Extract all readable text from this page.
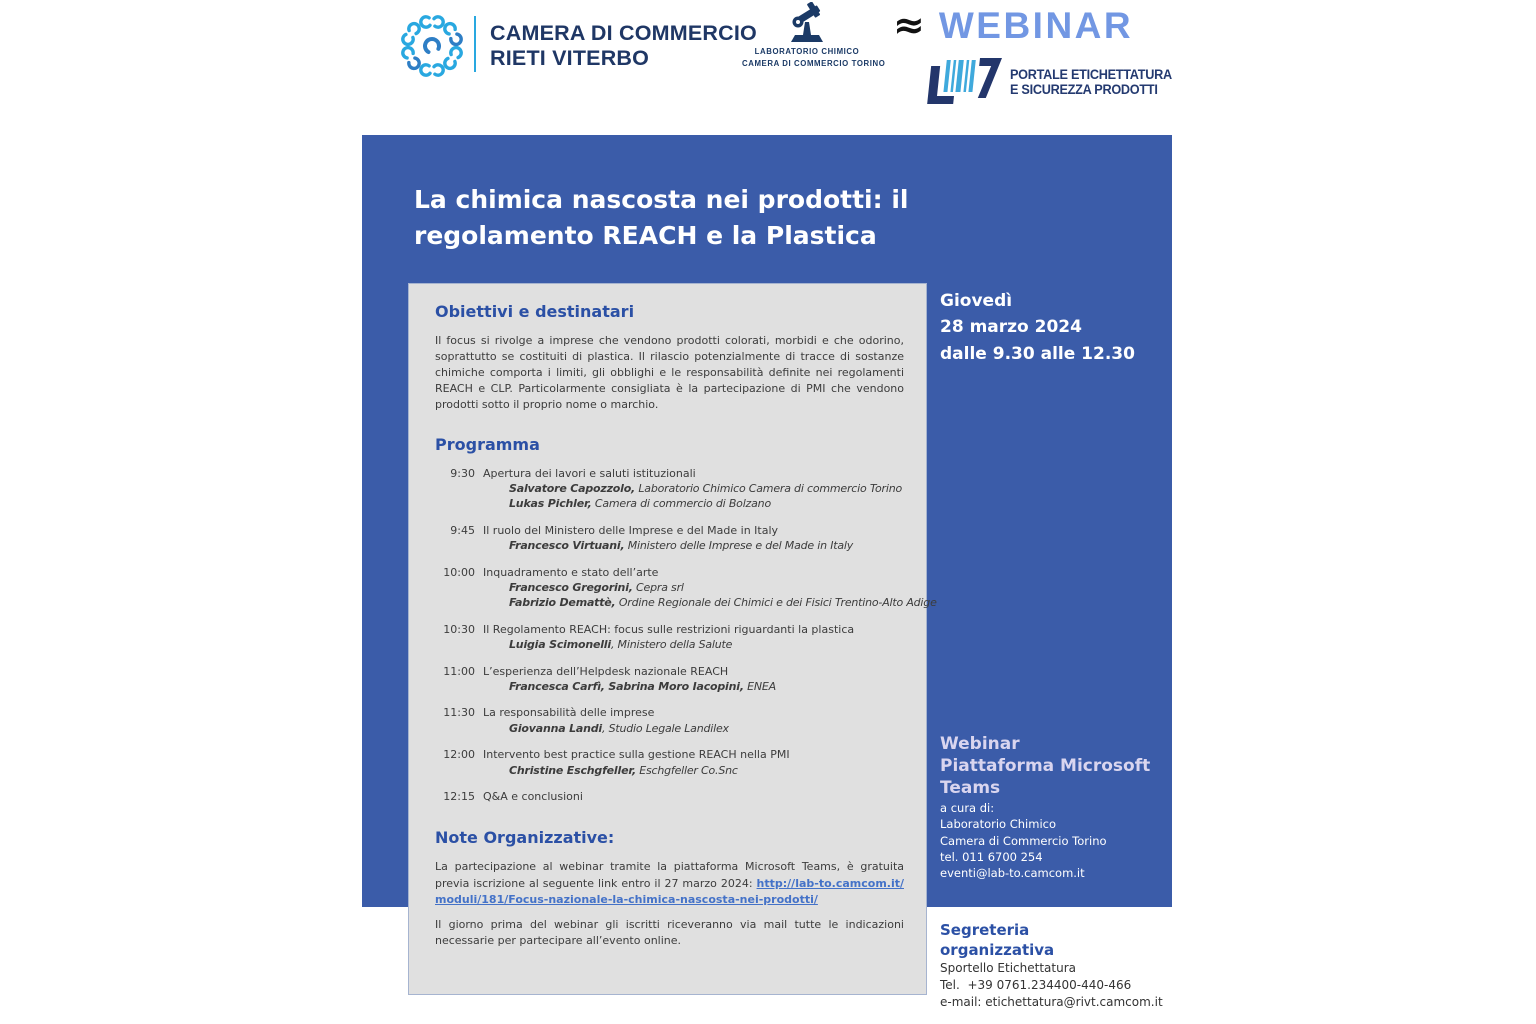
CAMERA DI COMMERCIO
RIETI VITERBO	LABORATORIO CHIMICO
CAMERA DI COMMERCIO TORINO
≈ WEBINAR
PORTALE ETICHETTATURA
E SICUREZZA PRODOTTI
La chimica nascosta nei prodotti: il
regolamento REACH e la Plastica
Giovedì
28 marzo 2024
dalle 9.30 alle 12.30
Webinar
Piattaforma Microsoft
Teams
a cura di:
Laboratorio Chimico
Camera di Commercio Torino
tel. 011 6700 254
eventi@lab-to.camcom.it
Obiettivi e destinatari

Il focus si rivolge a imprese che vendono prodotti colorati, morbidi e che odorino, soprattutto se costituiti di plastica. Il rilascio potenzialmente di tracce di sostanze chimiche comporta i limiti, gli obblighi e le responsabilità definite nei regolamenti REACH e CLP. Particolarmente consigliata è la partecipazione di PMI che vendono prodotti sotto il proprio nome o marchio.

Programma
9:30 Apertura dei lavori e saluti istituzionali
Salvatore Capozzolo, Laboratorio Chimico Camera di commercio Torino
Lukas Pichler, Camera di commercio di Bolzano
9:45 Il ruolo del Ministero delle Imprese e del Made in Italy
Francesco Virtuani, Ministero delle Imprese e del Made in Italy
10:00 Inquadramento e stato dell’arte
Francesco Gregorini, Cepra srl
Fabrizio Demattè, Ordine Regionale dei Chimici e dei Fisici Trentino-Alto Adige
10:30 Il Regolamento REACH: focus sulle restrizioni riguardanti la plastica
Luigia Scimonelli, Ministero della Salute
11:00 L’esperienza dell’Helpdesk nazionale REACH
Francesca Carfì, Sabrina Moro Iacopini, ENEA
11:30 La responsabilità delle imprese
Giovanna Landi, Studio Legale Landilex
12:00 Intervento best practice sulla gestione REACH nella PMI
Christine Eschgfeller, Eschgfeller Co.Snc
12:15 Q&A e conclusioni
Note Organizzative:

La partecipazione al webinar tramite la piattaforma Microsoft Teams, è gratuita previa iscrizione al seguente link entro il 27 marzo 2024: http://lab-to.camcom.it/moduli/181/Focus-nazionale-la-chimica-nascosta-nei-prodotti/

Il giorno prima del webinar gli iscritti riceveranno via mail tutte le indicazioni necessarie per partecipare all’evento online.

Segreteria
organizzativa
Sportello Etichettatura
Tel.  +39 0761.234400-440-466
e-mail: etichettatura@rivt.camcom.it
